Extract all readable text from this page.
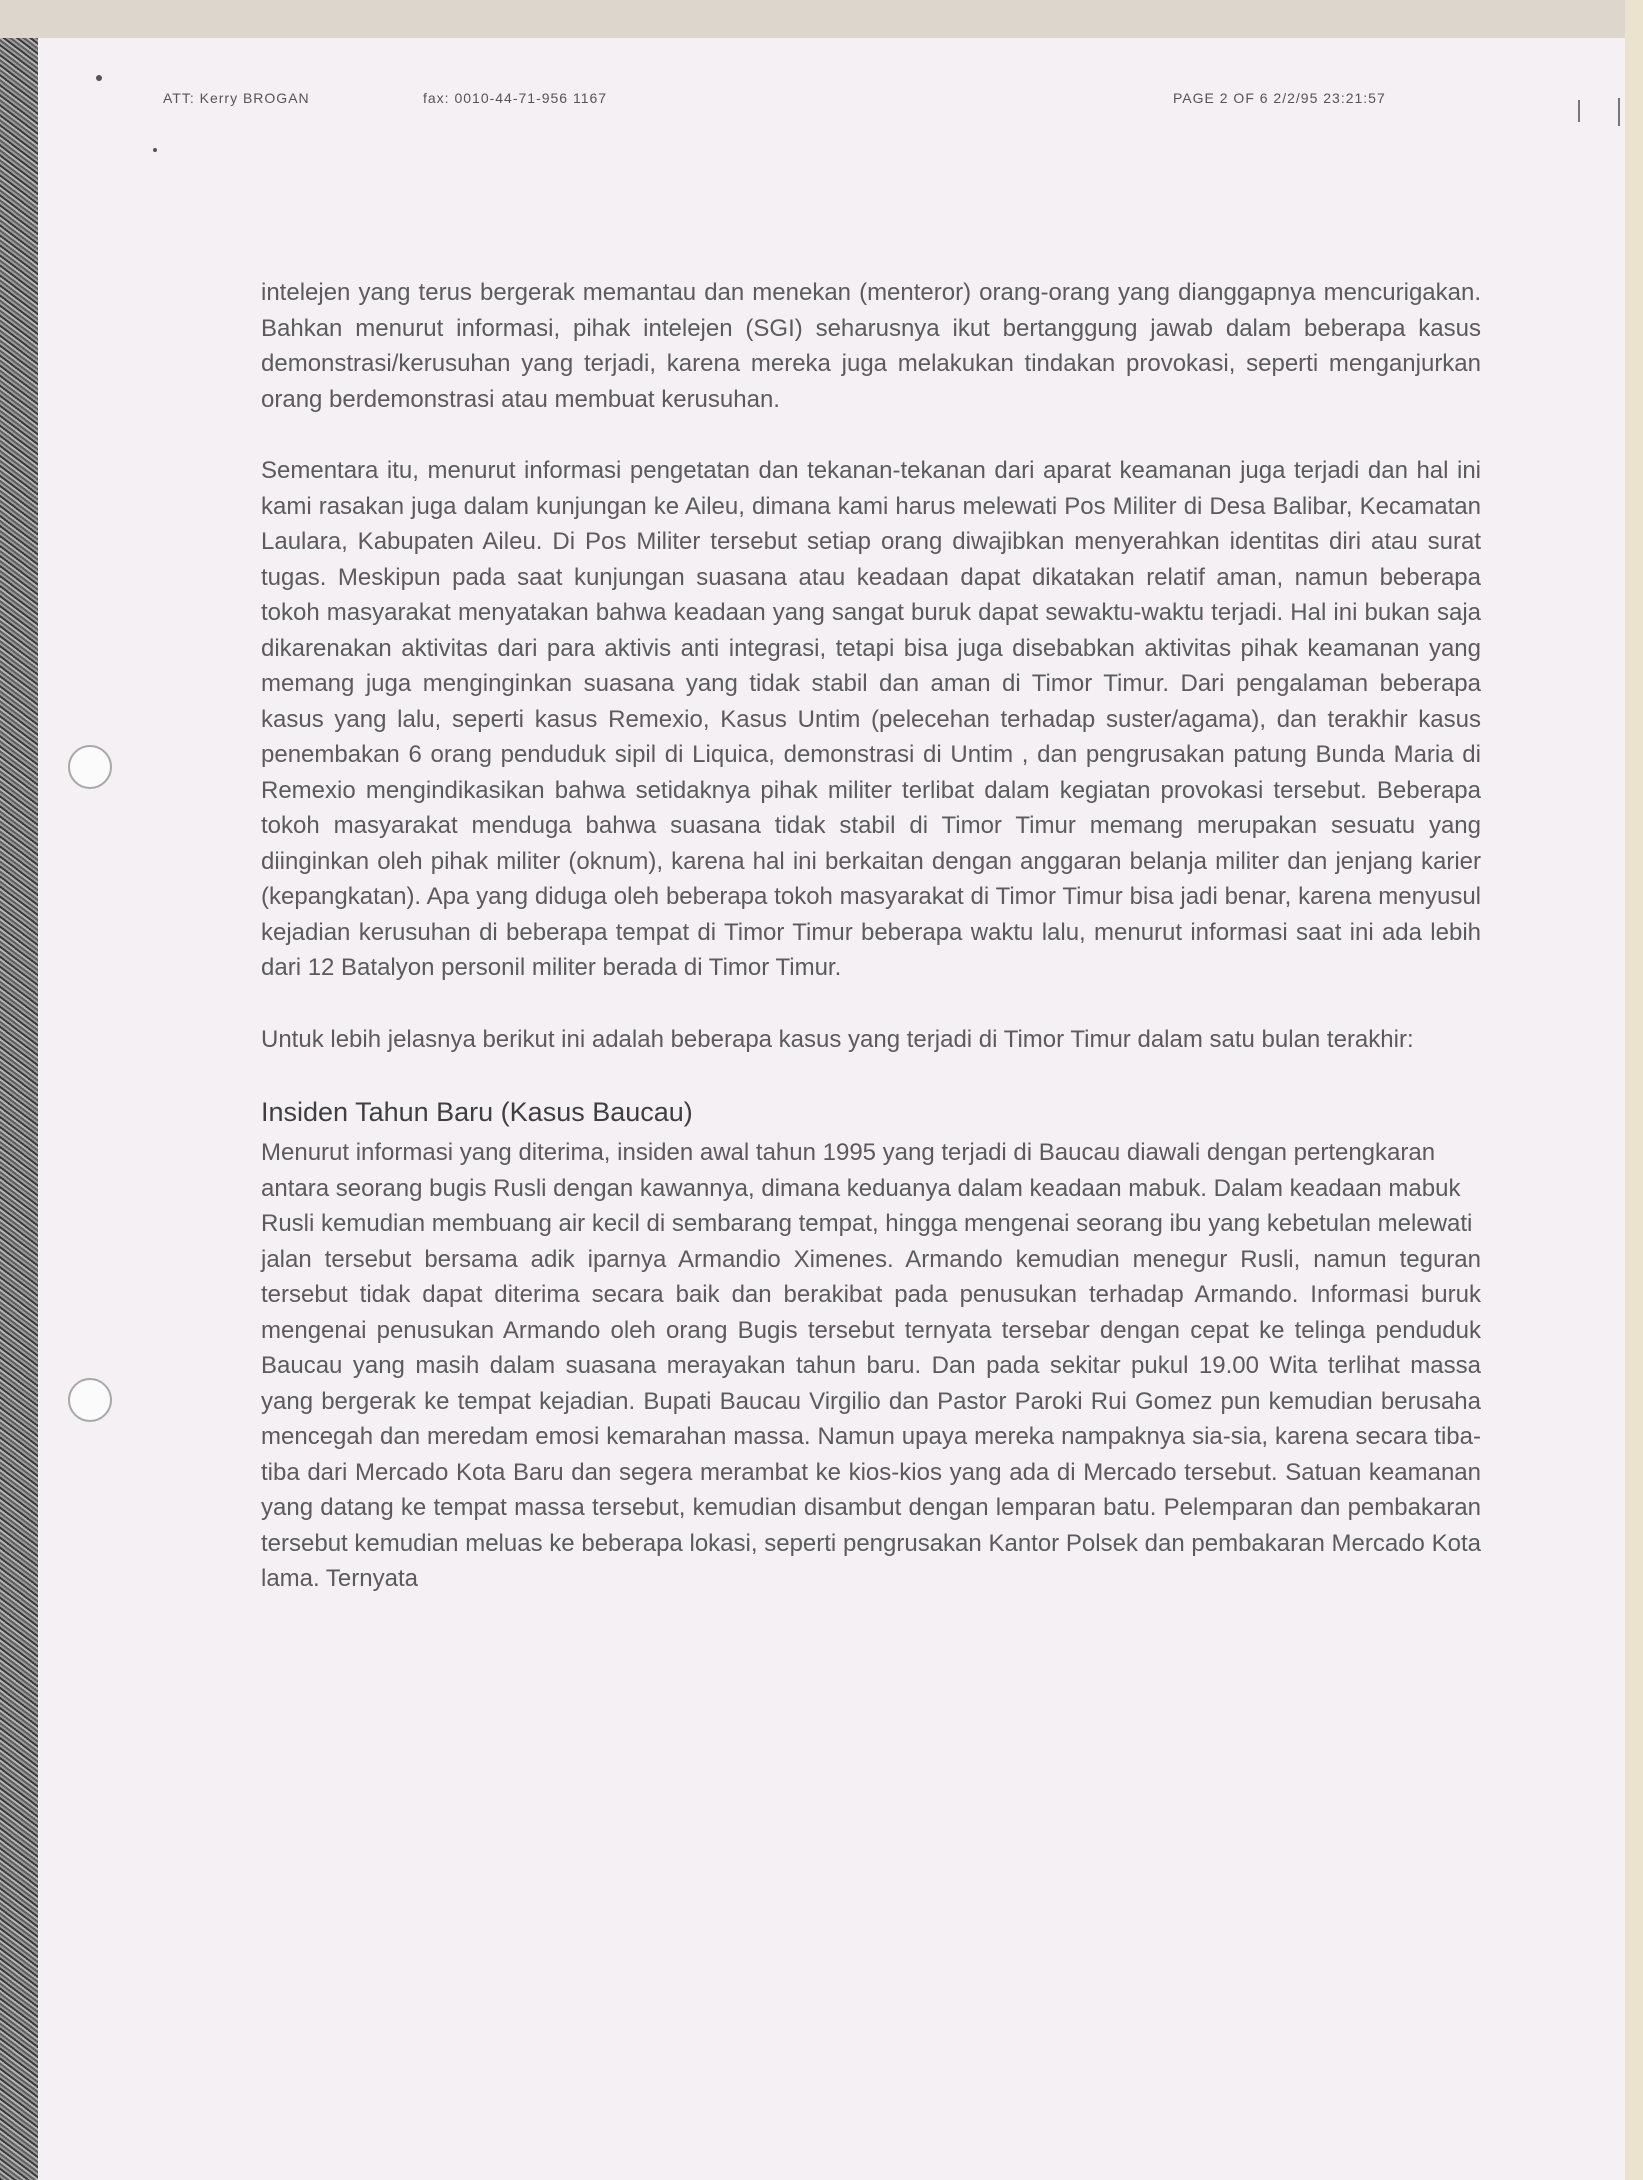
ATT: Kerry BROGAN	fax: 0010-44-71-956 1167	PAGE 2 OF 6 2/2/95 23:21:57

intelejen yang terus bergerak memantau dan menekan (menteror) orang-orang yang dianggapnya mencurigakan. Bahkan menurut informasi, pihak intelejen (SGI) seharusnya ikut bertanggung jawab dalam beberapa kasus demonstrasi/kerusuhan yang terjadi, karena mereka juga melakukan tindakan provokasi, seperti menganjurkan orang berdemonstrasi atau membuat kerusuhan.

Sementara itu, menurut informasi pengetatan dan tekanan-tekanan dari aparat keamanan juga terjadi dan hal ini kami rasakan juga dalam kunjungan ke Aileu, dimana kami harus melewati Pos Militer di Desa Balibar, Kecamatan Laulara, Kabupaten Aileu. Di Pos Militer tersebut setiap orang diwajibkan menyerahkan identitas diri atau surat tugas. Meskipun pada saat kunjungan suasana atau keadaan dapat dikatakan relatif aman, namun beberapa tokoh masyarakat menyatakan bahwa keadaan yang sangat buruk dapat sewaktu-waktu terjadi. Hal ini bukan saja dikarenakan aktivitas dari para aktivis anti integrasi, tetapi bisa juga disebabkan aktivitas pihak keamanan yang memang juga menginginkan suasana yang tidak stabil dan aman di Timor Timur. Dari pengalaman beberapa kasus yang lalu, seperti kasus Remexio, Kasus Untim (pelecehan terhadap suster/agama), dan terakhir kasus penembakan 6 orang penduduk sipil di Liquica, demonstrasi di Untim , dan pengrusakan patung Bunda Maria di Remexio mengindikasikan bahwa setidaknya pihak militer terlibat dalam kegiatan provokasi tersebut. Beberapa tokoh masyarakat menduga bahwa suasana tidak stabil di Timor Timur memang merupakan sesuatu yang diinginkan oleh pihak militer (oknum), karena hal ini berkaitan dengan anggaran belanja militer dan jenjang karier (kepangkatan). Apa yang diduga oleh beberapa tokoh masyarakat di Timor Timur bisa jadi benar, karena menyusul kejadian kerusuhan di beberapa tempat di Timor Timur beberapa waktu lalu, menurut informasi saat ini ada lebih dari 12 Batalyon personil militer berada di Timor Timur.

Untuk lebih jelasnya berikut ini adalah beberapa kasus yang terjadi di Timor Timur dalam satu bulan terakhir:

Insiden Tahun Baru (Kasus Baucau)

Menurut informasi yang diterima, insiden awal tahun 1995 yang terjadi di Baucau diawali dengan pertengkaran antara seorang bugis Rusli dengan kawannya, dimana keduanya dalam keadaan mabuk. Dalam keadaan mabuk Rusli kemudian membuang air kecil di sembarang tempat, hingga mengenai seorang ibu yang kebetulan melewati

jalan tersebut bersama adik iparnya Armandio Ximenes. Armando kemudian menegur Rusli, namun teguran tersebut tidak dapat diterima secara baik dan berakibat pada penusukan terhadap Armando. Informasi buruk mengenai penusukan Armando oleh orang Bugis tersebut ternyata tersebar dengan cepat ke telinga penduduk Baucau yang masih dalam suasana merayakan tahun baru. Dan pada sekitar pukul 19.00 Wita terlihat massa yang bergerak ke tempat kejadian. Bupati Baucau Virgilio dan Pastor Paroki Rui Gomez pun kemudian berusaha mencegah dan meredam emosi kemarahan massa. Namun upaya mereka nampaknya sia-sia, karena secara tiba-tiba dari Mercado Kota Baru dan segera merambat ke kios-kios yang ada di Mercado tersebut. Satuan keamanan yang datang ke tempat massa tersebut, kemudian disambut dengan lemparan batu. Pelemparan dan pembakaran tersebut kemudian meluas ke beberapa lokasi, seperti pengrusakan Kantor Polsek dan pembakaran Mercado Kota lama. Ternyata
